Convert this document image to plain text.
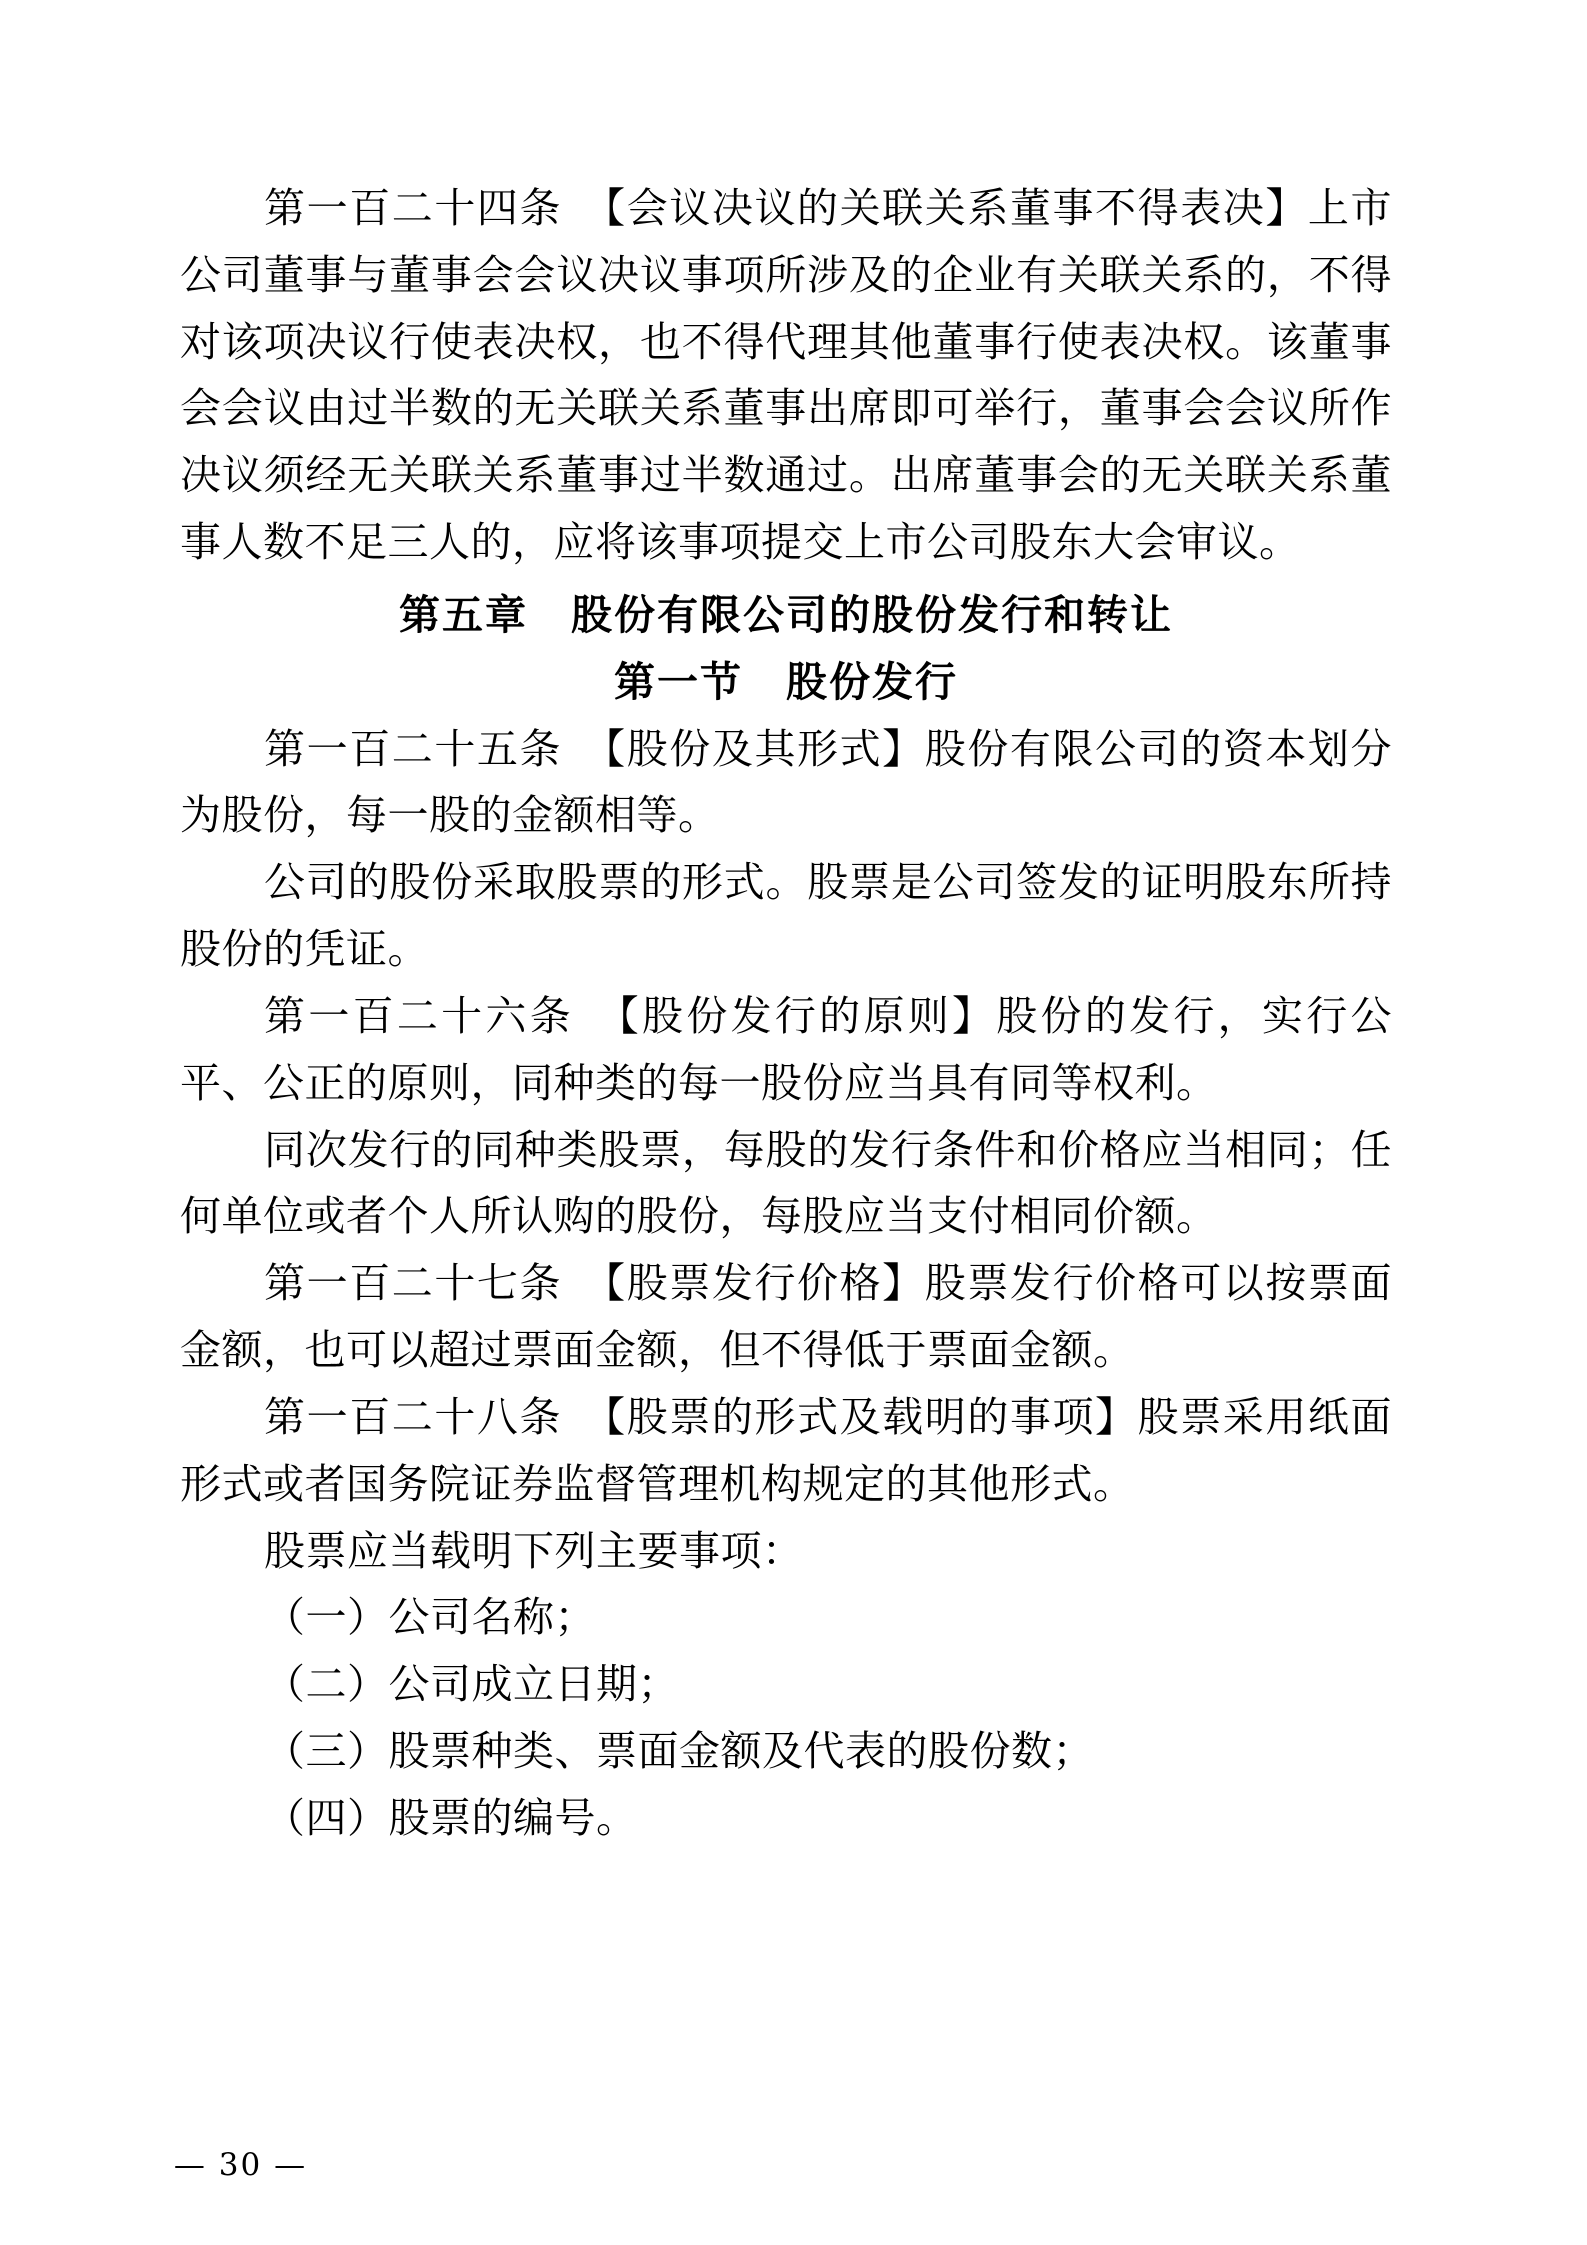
第一百二十四条　【会议决议的关联关系董事不得表决】上市公司董事与董事会会议决议事项所涉及的企业有关联关系的，不得对该项决议行使表决权，也不得代理其他董事行使表决权。该董事会会议由过半数的无关联关系董事出席即可举行，董事会会议所作决议须经无关联关系董事过半数通过。出席董事会的无关联关系董事人数不足三人的，应将该事项提交上市公司股东大会审议。

第五章　股份有限公司的股份发行和转让

第一节　股份发行

第一百二十五条　【股份及其形式】股份有限公司的资本划分为股份，每一股的金额相等。

公司的股份采取股票的形式。股票是公司签发的证明股东所持股份的凭证。

第一百二十六条　【股份发行的原则】股份的发行，实行公平、公正的原则，同种类的每一股份应当具有同等权利。

同次发行的同种类股票，每股的发行条件和价格应当相同；任何单位或者个人所认购的股份，每股应当支付相同价额。

第一百二十七条　【股票发行价格】股票发行价格可以按票面金额，也可以超过票面金额，但不得低于票面金额。

第一百二十八条　【股票的形式及载明的事项】股票采用纸面形式或者国务院证券监督管理机构规定的其他形式。

股票应当载明下列主要事项：

（一）公司名称；

（二）公司成立日期；

（三）股票种类、票面金额及代表的股份数；

（四）股票的编号。

— 30 —
